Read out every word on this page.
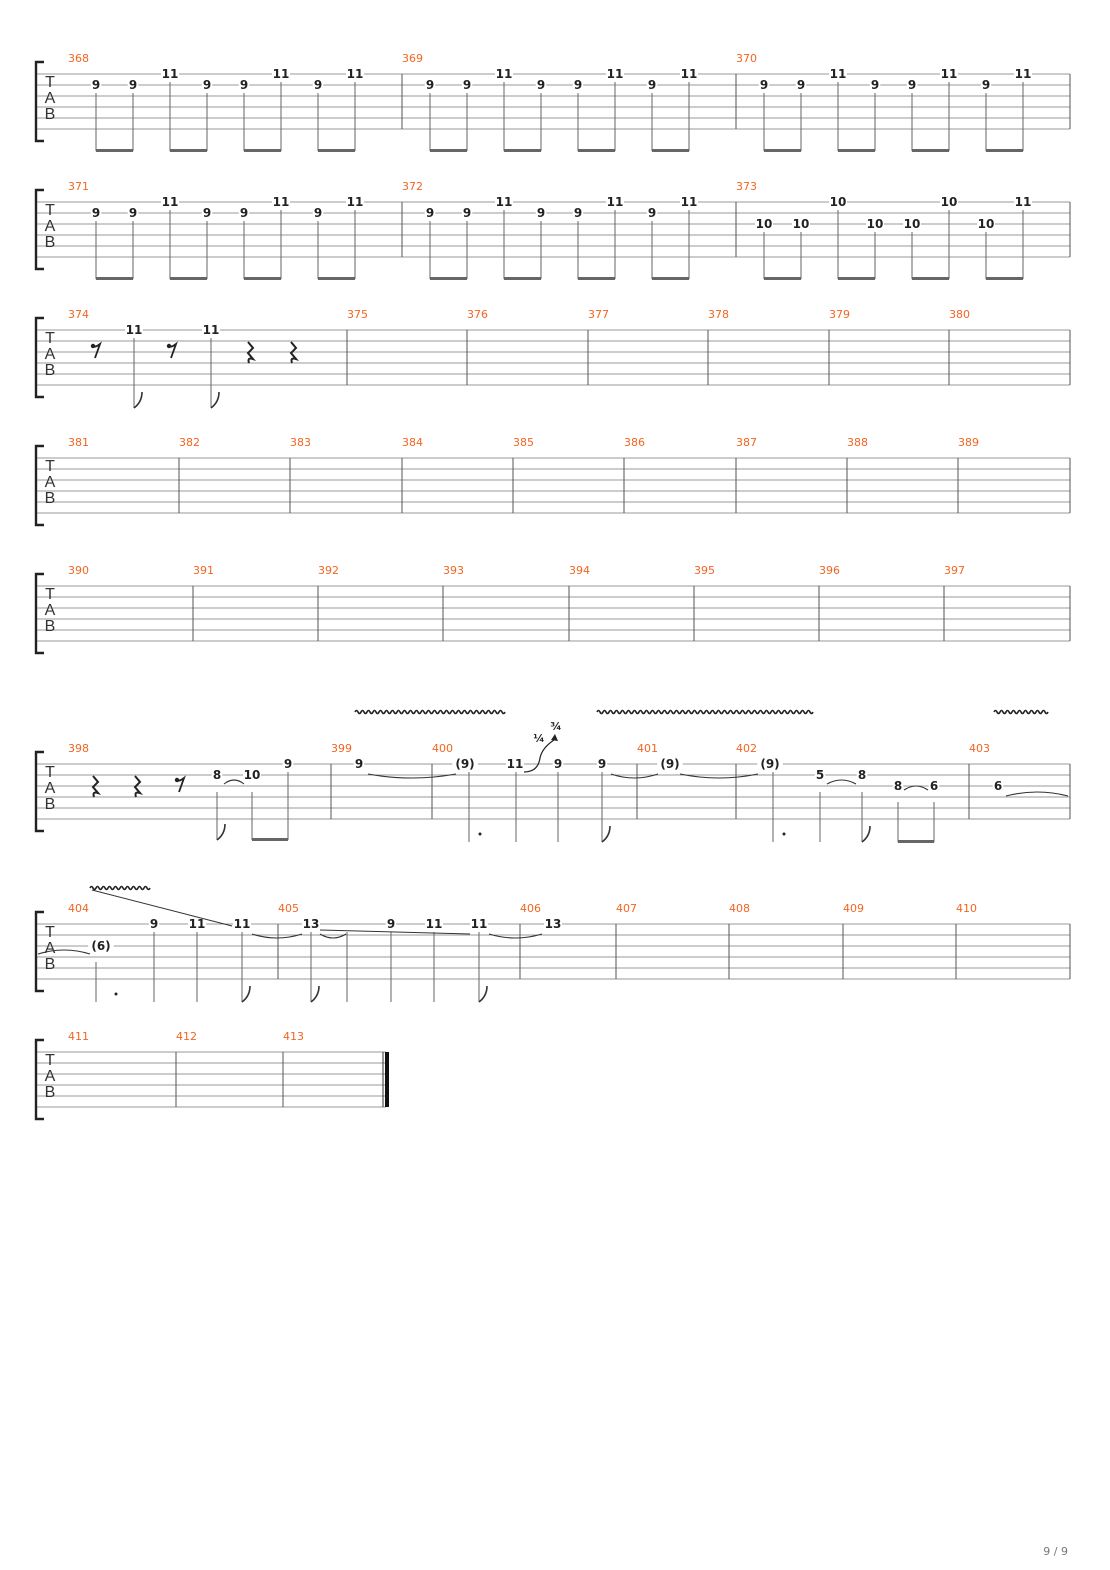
T
A
B
368	369	370
T
A
B
371	372	373
T
A
B
374	375	376	377	378	379	380
T
A
B
381	382	383	384	385	386	387	388	389
T
A
B
390	391	392	393	394	395	396	397
T
A
B
398	399	400	401	402	403
T
A
B
404	405	406	407	408	409	410
T
A
B
411	412	413
9 9
11
9 9
11
9
11
9 9
11
9 9
11
9
11
9 9
11
9 9
11
9
11
9 9
11
9 9
11
9
11
9 9
11
9 9
11
9
11
10 10
10
10 10
10
10
11
11	11
8 10
9	9	(9)	11	9	9	(9)	(9)
5	8
8 6	6
¼
¾
(6)
9	11 11	13	9	11 11	13
9 / 9
